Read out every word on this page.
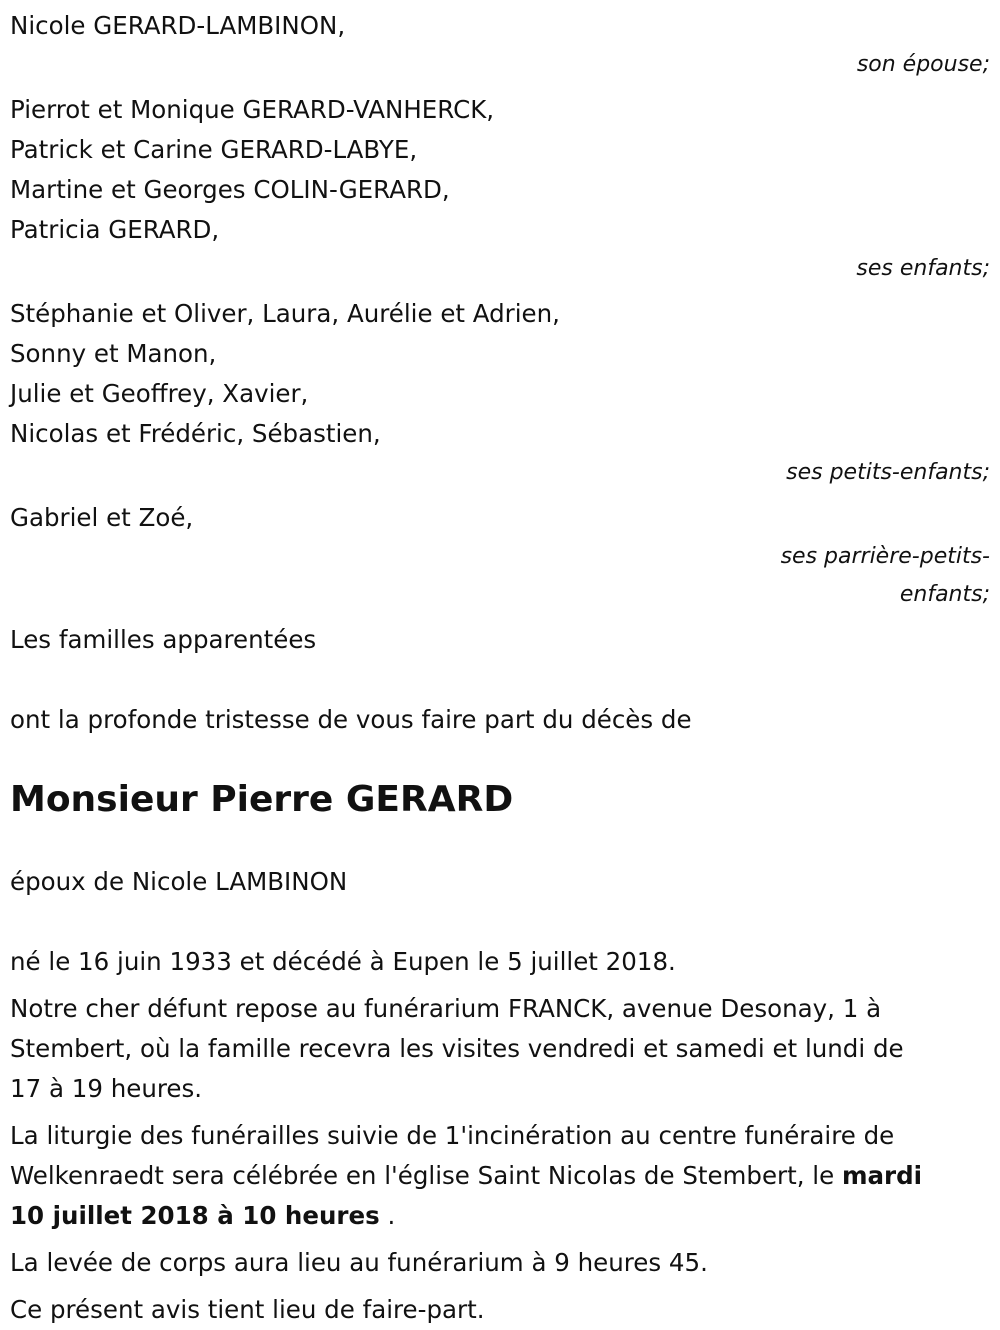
Nicole GERARD-LAMBINON,
son épouse;
Pierrot et Monique GERARD-VANHERCK,
Patrick et Carine GERARD-LABYE,
Martine et Georges COLIN-GERARD,
Patricia GERARD,
ses enfants;
Stéphanie et Oliver, Laura, Aurélie et Adrien,
Sonny et Manon,
Julie et Geoffrey, Xavier,
Nicolas et Frédéric, Sébastien,
ses petits-enfants;
Gabriel et Zoé,
ses parrière-petits-
enfants;
Les familles apparentées
ont la profonde tristesse de vous faire part du décès de
Monsieur Pierre GERARD
époux de Nicole LAMBINON
né le 16 juin 1933 et décédé à Eupen le 5 juillet 2018.
Notre cher défunt repose au funérarium FRANCK, avenue Desonay, 1 à
Stembert, où la famille recevra les visites vendredi et samedi et lundi de
17 à 19 heures.
La liturgie des funérailles suivie de 1'incinération au centre funéraire de
Welkenraedt sera célébrée en l'église Saint Nicolas de Stembert, le mardi
10 juillet 2018 à 10 heures .
La levée de corps aura lieu au funérarium à 9 heures 45.
Ce présent avis tient lieu de faire-part.
